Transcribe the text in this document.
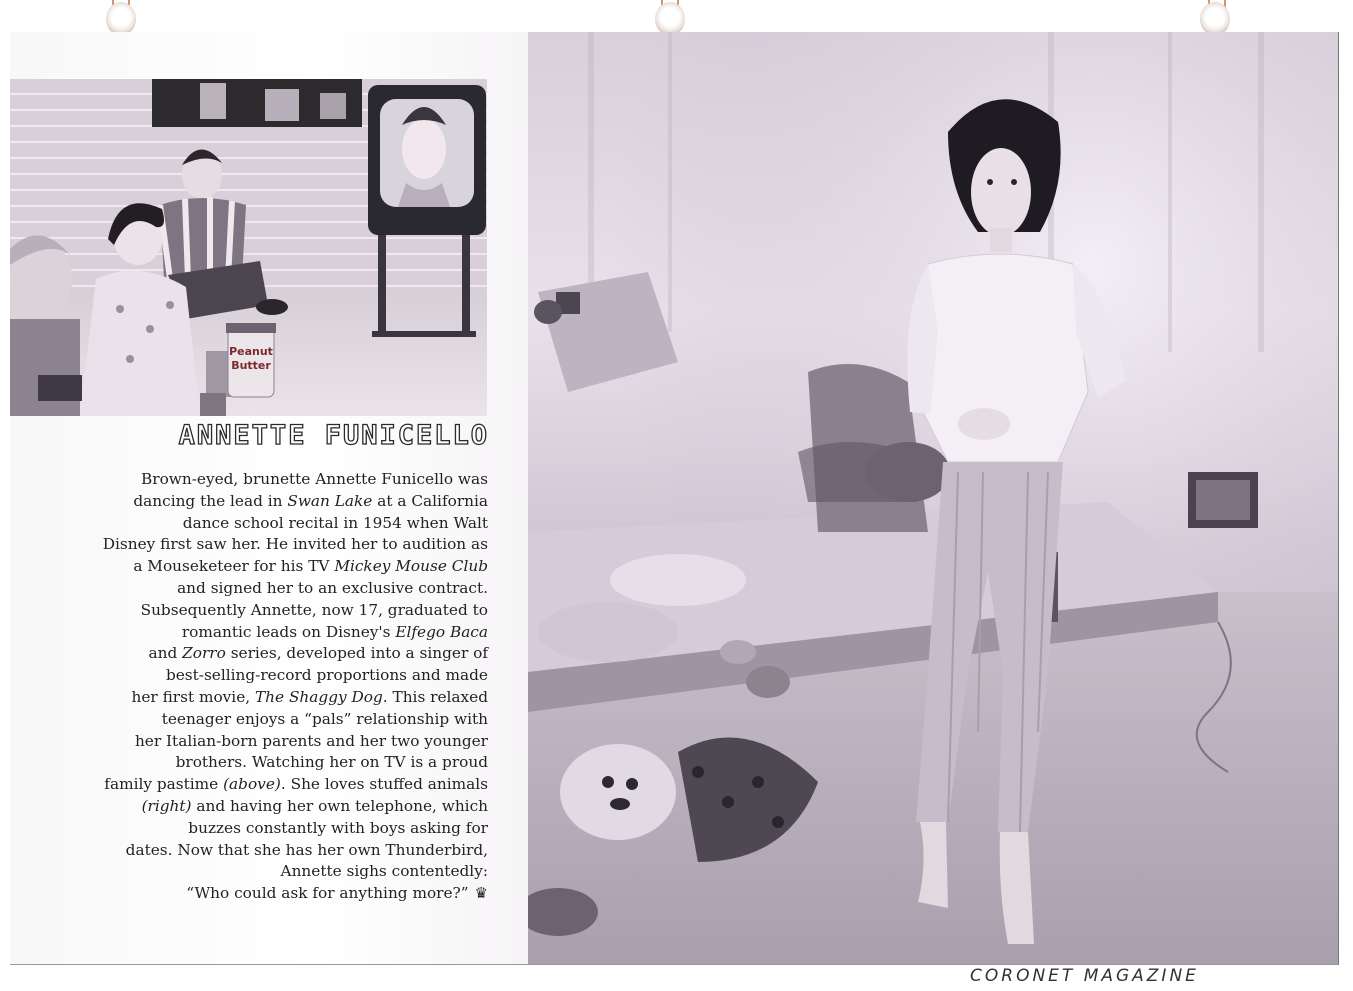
Peanut
Butter
ANNETTE FUNICELLO
Brown-eyed, brunette Annette Funicello was
dancing the lead in Swan Lake at a California
dance school recital in 1954 when Walt
Disney first saw her. He invited her to audition as
a Mouseketeer for his TV Mickey Mouse Club
and signed her to an exclusive contract.
Subsequently Annette, now 17, graduated to
romantic leads on Disney's Elfego Baca
and Zorro series, developed into a singer of
best-selling-record proportions and made
her first movie, The Shaggy Dog. This relaxed
teenager enjoys a “pals” relationship with
her Italian-born parents and her two younger
brothers. Watching her on TV is a proud
family pastime (above). She loves stuffed animals
(right) and having her own telephone, which
buzzes constantly with boys asking for
dates. Now that she has her own Thunderbird,
Annette sighs contentedly:
“Who could ask for anything more?” ♛
CORONET MAGAZINE
